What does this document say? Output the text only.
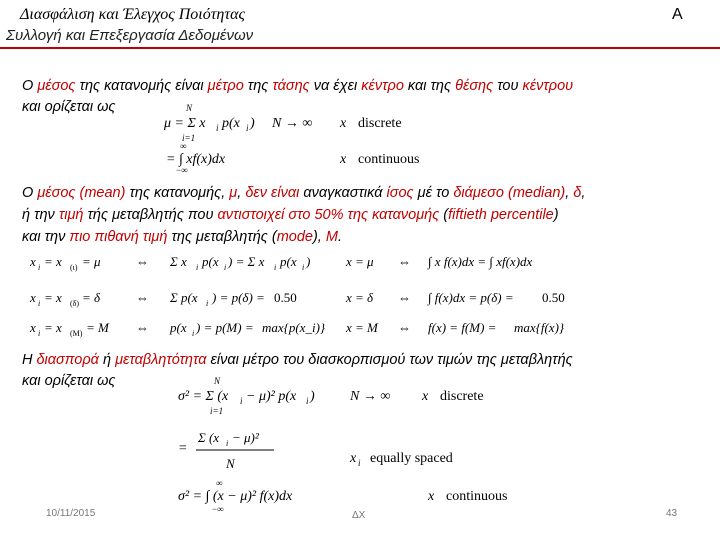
Διασφάλιση και Έλεγχος Ποιότητας	Α
Συλλογή και Επεξεργασία Δεδομένων
Ο μέσος της κατανομής είναι μέτρο της τάσης να έχει κέντρο και της θέσης του κέντρου
και ορίζεται ως
μ = Σ x i p(x i )
N
i=1
N → ∞ x discrete
= ∫ xf(x)dx
∞
−∞
x continuous
Ο μέσος (mean) της κατανομής, μ, δεν είναι αναγκαστικά ίσος μέ το διάμεσο (median), δ,
ή την τιμή τής μεταβλητής που αντιστοιχεί στο 50% της κατανομής (fiftieth percentile)
και την πιο πιθανή τιμή της μεταβλητής (mode), M.
x i = x (ι) = μ	⇔ Σ x i p(x i ) = Σ x i p(x i )	x = μ ⇔ ∫ x f(x)dx = ∫ xf(x)dx
x i = x (δ) = δ	⇔ Σ p(x i ) = p(δ) = 0.50	x = δ ⇔ ∫ f(x)dx = p(δ) = 0.50
x i = x (M) = M ⇔ p(x i ) = p(M) = max{p(x_i)} x = M ⇔ f(x) = f(M) = max{f(x)}
Η διασπορά ή μεταβλητότητα είναι μέτρο του διασκορπισμού των τιμών της μεταβλητής
και ορίζεται ως
σ² = Σ (x i − μ)² p(x i )
N
i=1
N → ∞ x discrete
=
Σ (x i − μ)²
N	x i equally spaced
σ² = ∫ (x − μ)² f(x)dx
∞
−∞
x continuous
10/11/2015	ΔΧ	43
